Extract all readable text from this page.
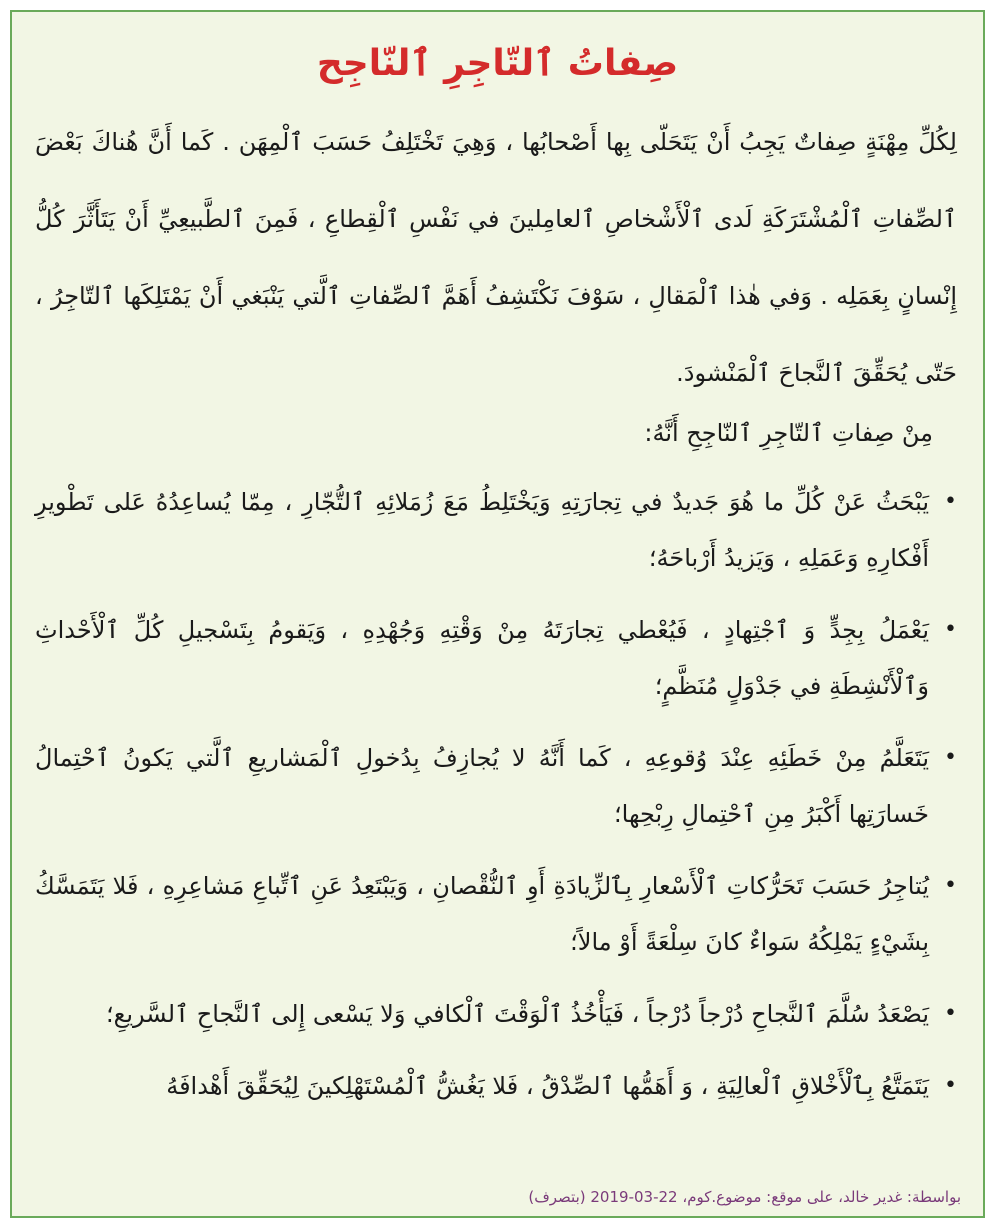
صِفاتُ ٱلتّاجِرِ ٱلنّاجِح

لِكُلِّ مِهْنَةٍ صِفاتٌ يَجِبُ أَنْ يَتَحَلّى بِها أَصْحابُها ، وَهِيَ تَخْتَلِفُ حَسَبَ ٱلْمِهَن . كَما أَنَّ هُناكَ بَعْضَ ٱلصِّفاتِ ٱلْمُشْتَرَكَةِ لَدى ٱلْأَشْخاصِ ٱلعامِلينَ في نَفْسِ ٱلْقِطاعِ ، فَمِنَ ٱلطَّبيعِيِّ أَنْ يَتَأَثَّرَ كُلُّ إِنْسانٍ بِعَمَلِه . وَفي هٰذا ٱلْمَقالِ ، سَوْفَ نَكْتَشِفُ أَهَمَّ ٱلصِّفاتِ ٱلَّتي يَنْبَغي أَنْ يَمْتَلِكَها ٱلتّاجِرُ ، حَتّى يُحَقِّقَ ٱلنَّجاحَ ٱلْمَنْشودَ.

مِنْ صِفاتِ ٱلتّاجِرِ ٱلنّاجِحِ أَنَّهُ:

•
يَبْحَثُ عَنْ كُلِّ ما هُوَ جَديدٌ في تِجارَتِهِ وَيَخْتَلِطُ مَعَ زُمَلائِهِ ٱلتُّجّارِ ، مِمّا يُساعِدُهُ عَلى تَطْويرِ أَفْكارِهِ وَعَمَلِهِ ، وَيَزيدُ أَرْباحَهُ؛
•
يَعْمَلُ بِجِدٍّ وَ ٱجْتِهادٍ ، فَيُعْطي تِجارَتَهُ مِنْ وَقْتِهِ وَجُهْدِهِ ، وَيَقومُ بِتَسْجيلِ كُلِّ ٱلْأَحْداثِ وَٱلْأَنْشِطَةِ في جَدْوَلٍ مُنَظَّمٍ؛
•
يَتَعَلَّمُ مِنْ خَطَئِهِ عِنْدَ وُقوعِهِ ، كَما أَنَّهُ لا يُجازِفُ بِدُخولِ ٱلْمَشاريعِ ٱلَّتي يَكونُ ٱحْتِمالُ خَسارَتِها أَكْبَرُ مِنِ ٱحْتِمالِ رِبْحِها؛
•
يُتاجِرُ حَسَبَ تَحَرُّكاتِ ٱلْأَسْعارِ بِٱلزِّيادَةِ أَوِ ٱلنُّقْصانِ ، وَيَبْتَعِدُ عَنِ ٱتِّباعِ مَشاعِرِهِ ، فَلا يَتَمَسَّكُ بِشَيْءٍ يَمْلِكُهُ سَواءٌ كانَ سِلْعَةً أَوْ مالاً؛
•
يَصْعَدُ سُلَّمَ ٱلنَّجاحِ دُرْجاً دُرْجاً ، فَيَأْخُذُ ٱلْوَقْتَ ٱلْكافي وَلا يَسْعى إِلى ٱلنَّجاحِ ٱلسَّريعِ؛
•
يَتَمَتَّعُ بِٱلْأَخْلاقِ ٱلْعالِيَةِ ، وَ أَهَمُّها ٱلصِّدْقُ ، فَلا يَغُشُّ ٱلْمُسْتَهْلِكينَ لِيُحَقِّقَ أَهْدافَهُ

بواسطة: غدير خالد، على موقع: موضوع.كوم، 22-03-2019 (بتصرف)
